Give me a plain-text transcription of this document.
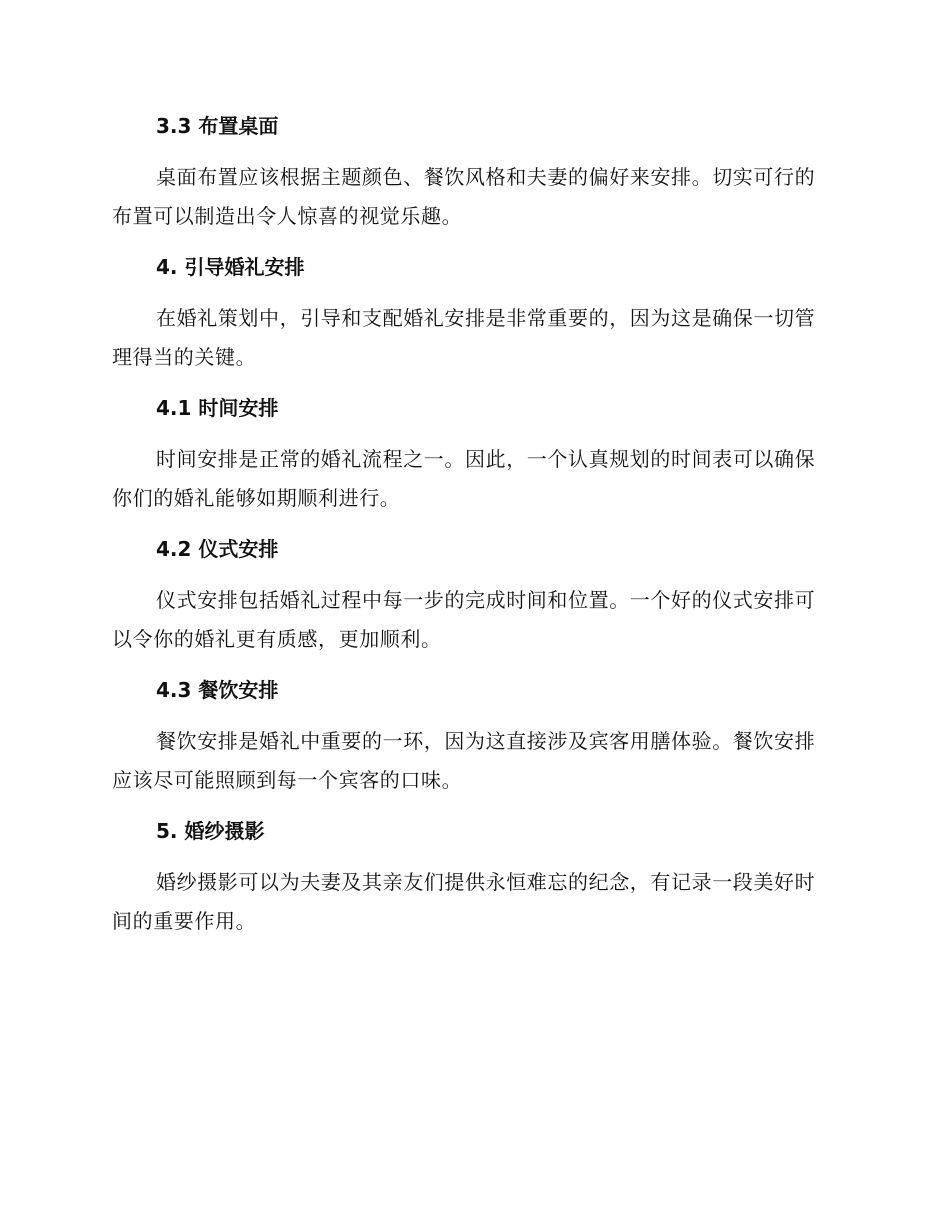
3.3 布置桌面

桌面布置应该根据主题颜色、餐饮风格和夫妻的偏好来安排。切实可行的布置可以制造出令人惊喜的视觉乐趣。

4. 引导婚礼安排

在婚礼策划中，引导和支配婚礼安排是非常重要的，因为这是确保一切管理得当的关键。

4.1 时间安排

时间安排是正常的婚礼流程之一。因此，一个认真规划的时间表可以确保你们的婚礼能够如期顺利进行。

4.2 仪式安排

仪式安排包括婚礼过程中每一步的完成时间和位置。一个好的仪式安排可以令你的婚礼更有质感，更加顺利。

4.3 餐饮安排

餐饮安排是婚礼中重要的一环，因为这直接涉及宾客用膳体验。餐饮安排应该尽可能照顾到每一个宾客的口味。

5. 婚纱摄影

婚纱摄影可以为夫妻及其亲友们提供永恒难忘的纪念，有记录一段美好时间的重要作用。
